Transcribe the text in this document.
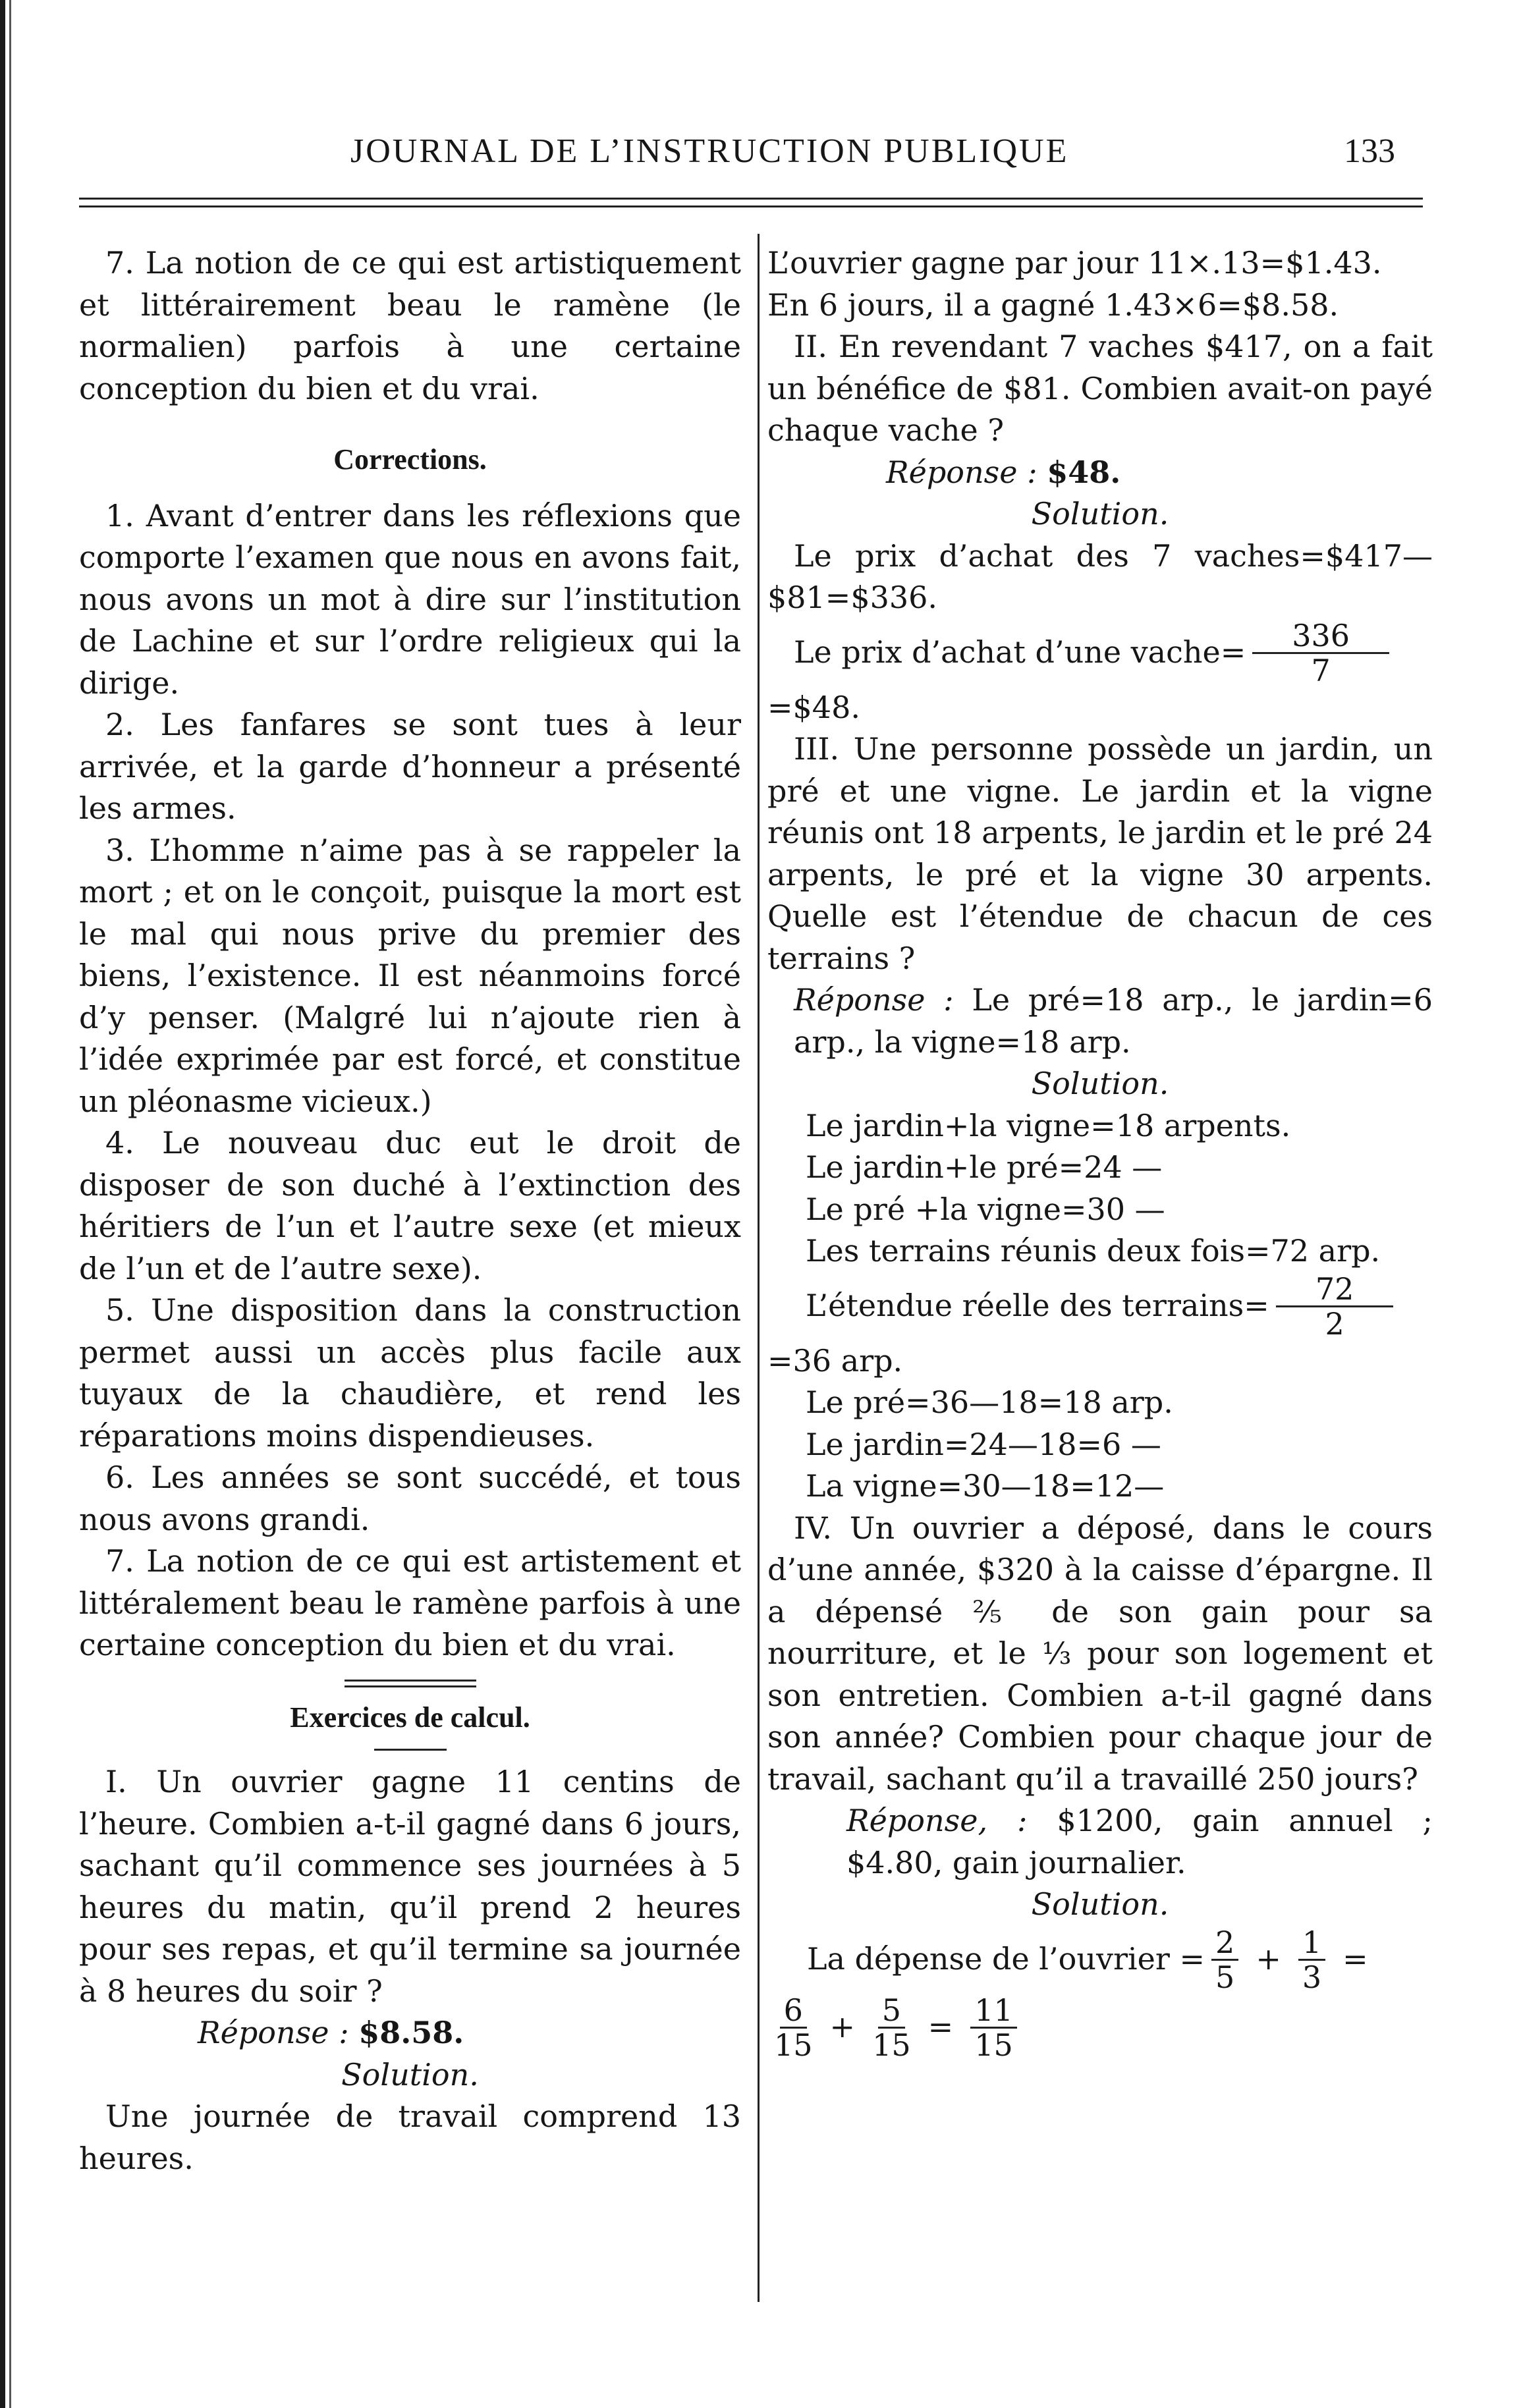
JOURNAL DE L’INSTRUCTION PUBLIQUE	133

7. La notion de ce qui est artistiquement et littérairement beau le ramène (le normalien) parfois à une certaine conception du bien et du vrai.

Corrections.

1. Avant d’entrer dans les réflexions que comporte l’examen que nous en avons fait, nous avons un mot à dire sur l’institution de Lachine et sur l’ordre religieux qui la dirige.

2. Les fanfares se sont tues à leur arrivée, et la garde d’honneur a présenté les armes.

3. L’homme n’aime pas à se rappeler la mort ; et on le conçoit, puisque la mort est le mal qui nous prive du premier des biens, l’existence. Il est néanmoins forcé d’y penser. (Malgré lui n’ajoute rien à l’idée exprimée par est forcé, et constitue un pléonasme vicieux.)

4. Le nouveau duc eut le droit de disposer de son duché à l’extinction des héritiers de l’un et l’autre sexe (et mieux de l’un et de l’autre sexe).

5. Une disposition dans la construction permet aussi un accès plus facile aux tuyaux de la chaudière, et rend les réparations moins dispendieuses.

6. Les années se sont succédé, et tous nous avons grandi.

7. La notion de ce qui est artistement et littéralement beau le ramène parfois à une certaine conception du bien et du vrai.

Exercices de calcul.

I. Un ouvrier gagne 11 centins de l’heure. Combien a-t-il gagné dans 6 jours, sachant qu’il commence ses journées à 5 heures du matin, qu’il prend 2 heures pour ses repas, et qu’il termine sa journée à 8 heures du soir ?

Réponse : $8.58.

Solution.

Une journée de travail comprend 13 heures.

L’ouvrier gagne par jour 11×.13=$1.43.

En 6 jours, il a gagné 1.43×6=$8.58.

II. En revendant 7 vaches $417, on a fait un bénéfice de $81. Combien avait-on payé chaque vache ?

Réponse : $48.

Solution.

Le prix d’achat des 7 vaches=$417—$81=$336.

Le prix d’achat d’une vache= $\frac{336}{7}$

=$48.

III. Une personne possède un jardin, un pré et une vigne. Le jardin et la vigne réunis ont 18 arpents, le jardin et le pré 24 arpents, le pré et la vigne 30 arpents. Quelle est l’étendue de chacun de ces terrains ?

Réponse : Le pré=18 arp., le jardin=6 arp., la vigne=18 arp.

Solution.

Le jardin+la vigne=18 arpents.
Le jardin+le pré=24 —
Le pré +la vigne=30 —
Les terrains réunis deux fois=72 arp.
L’étendue réelle des terrains= $\frac{72}{2}$

=36 arp.

Le pré=36—18=18 arp.
Le jardin=24—18=6 —
La vigne=30—18=12—

IV. Un ouvrier a déposé, dans le cours d’une année, $320 à la caisse d’épargne. Il a dépensé ⅖ de son gain pour sa nourriture, et le ⅓ pour son logement et son entretien. Combien a-t-il gagné dans son année? Combien pour chaque jour de travail, sachant qu’il a travaillé 250 jours?

Réponse, : $1200, gain annuel ; $4.80, gain journalier.

Solution.

La dépense de l’ouvrier = $\frac{2}{5} + \frac{1}{3}$ =
$\frac{6}{15} + \frac{5}{15} = \frac{11}{15}$
